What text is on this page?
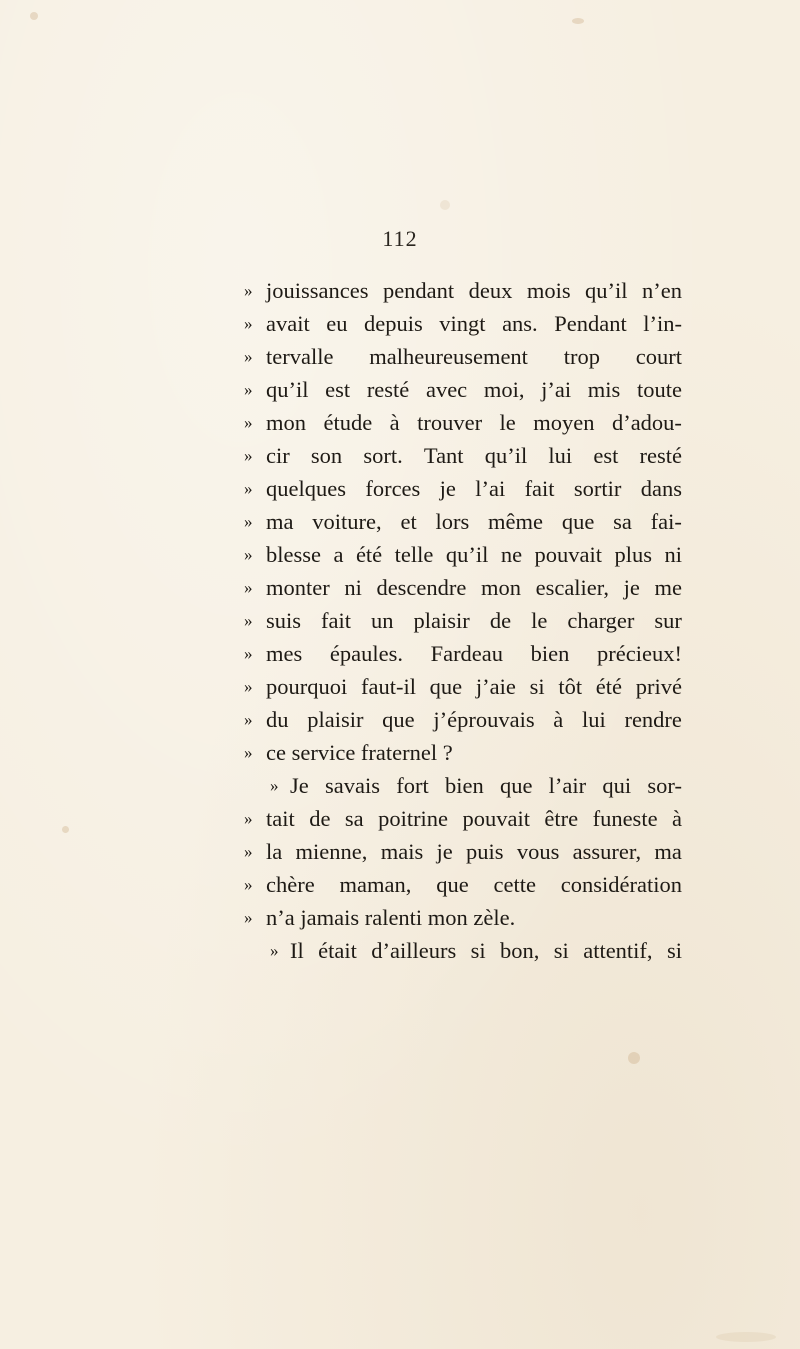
112
» jouissances pendant deux mois qu’il n’en
» avait eu depuis vingt ans. Pendant l’in-
» tervalle malheureusement trop court
» qu’il est resté avec moi, j’ai mis toute
» mon étude à trouver le moyen d’adou-
» cir son sort. Tant qu’il lui est resté
» quelques forces je l’ai fait sortir dans
» ma voiture, et lors même que sa fai-
» blesse a été telle qu’il ne pouvait plus ni
» monter ni descendre mon escalier, je me
» suis fait un plaisir de le charger sur
» mes épaules. Fardeau bien précieux!
» pourquoi faut-il que j’aie si tôt été privé
» du plaisir que j’éprouvais à lui rendre
» ce service fraternel ?
» Je savais fort bien que l’air qui sor-
» tait de sa poitrine pouvait être funeste à
» la mienne, mais je puis vous assurer, ma
» chère maman, que cette considération
» n’a jamais ralenti mon zèle.
» Il était d’ailleurs si bon, si attentif, si
